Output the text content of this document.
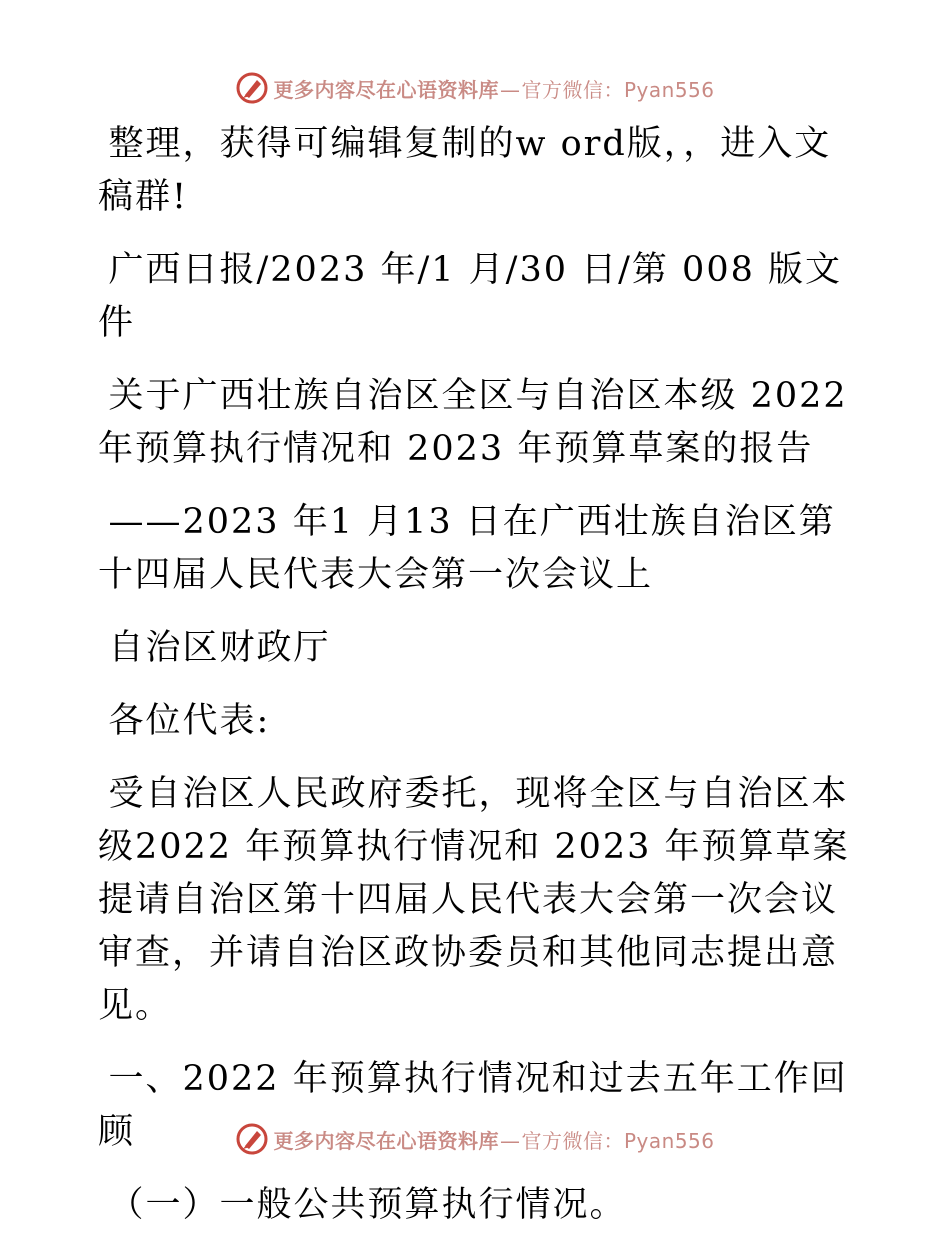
更多内容尽在心语资料库—官方微信：Pyan556

整理，获得可编辑复制的w ord版，，进入文稿群!

广西日报/2023 年/1 月/30 日/第 008 版文件

关于广西壮族自治区全区与自治区本级 2022 年预算执行情况和 2023 年预算草案的报告

——2023 年1 月13 日在广西壮族自治区第十四届人民代表大会第一次会议上

自治区财政厅

各位代表:

受自治区人民政府委托，现将全区与自治区本级2022 年预算执行情况和 2023 年预算草案提请自治区第十四届人民代表大会第一次会议审查，并请自治区政协委员和其他同志提出意见。

一、2022 年预算执行情况和过去五年工作回顾

（一）一般公共预算执行情况。

更多内容尽在心语资料库—官方微信：Pyan556
